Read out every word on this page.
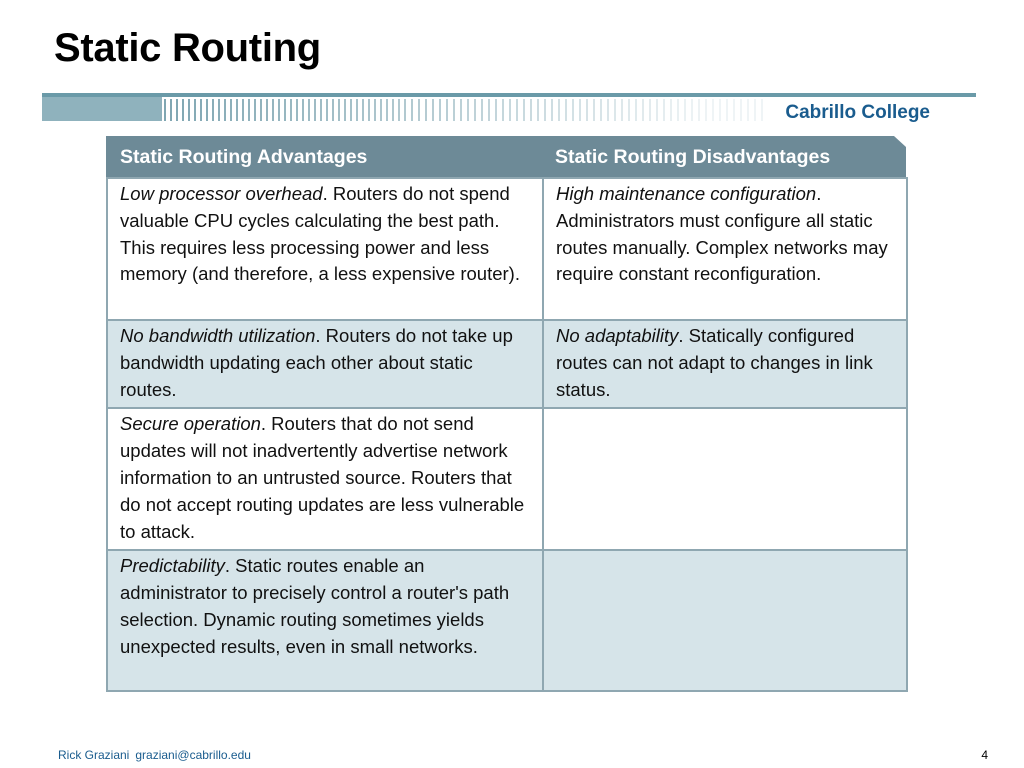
Static Routing
Cabrillo College
Static Routing Advantages	Static Routing Disadvantages
Low processor overhead. Routers do not spend valuable CPU cycles calculating the best path. This requires less processing power and less memory (and therefore, a less expensive router).	High maintenance configuration. Administrators must configure all static routes manually. Complex networks may require constant reconfiguration.
No bandwidth utilization. Routers do not take up bandwidth updating each other about static routes.	No adaptability. Statically configured routes can not adapt to changes in link status.
Secure operation. Routers that do not send updates will not inadvertently advertise network information to an untrusted source. Routers that do not accept routing updates are less vulnerable to attack.	
Predictability. Static routes enable an administrator to precisely control a router's path selection. Dynamic routing sometimes yields unexpected results, even in small networks.	
Rick Graziani graziani@cabrillo.edu	4
